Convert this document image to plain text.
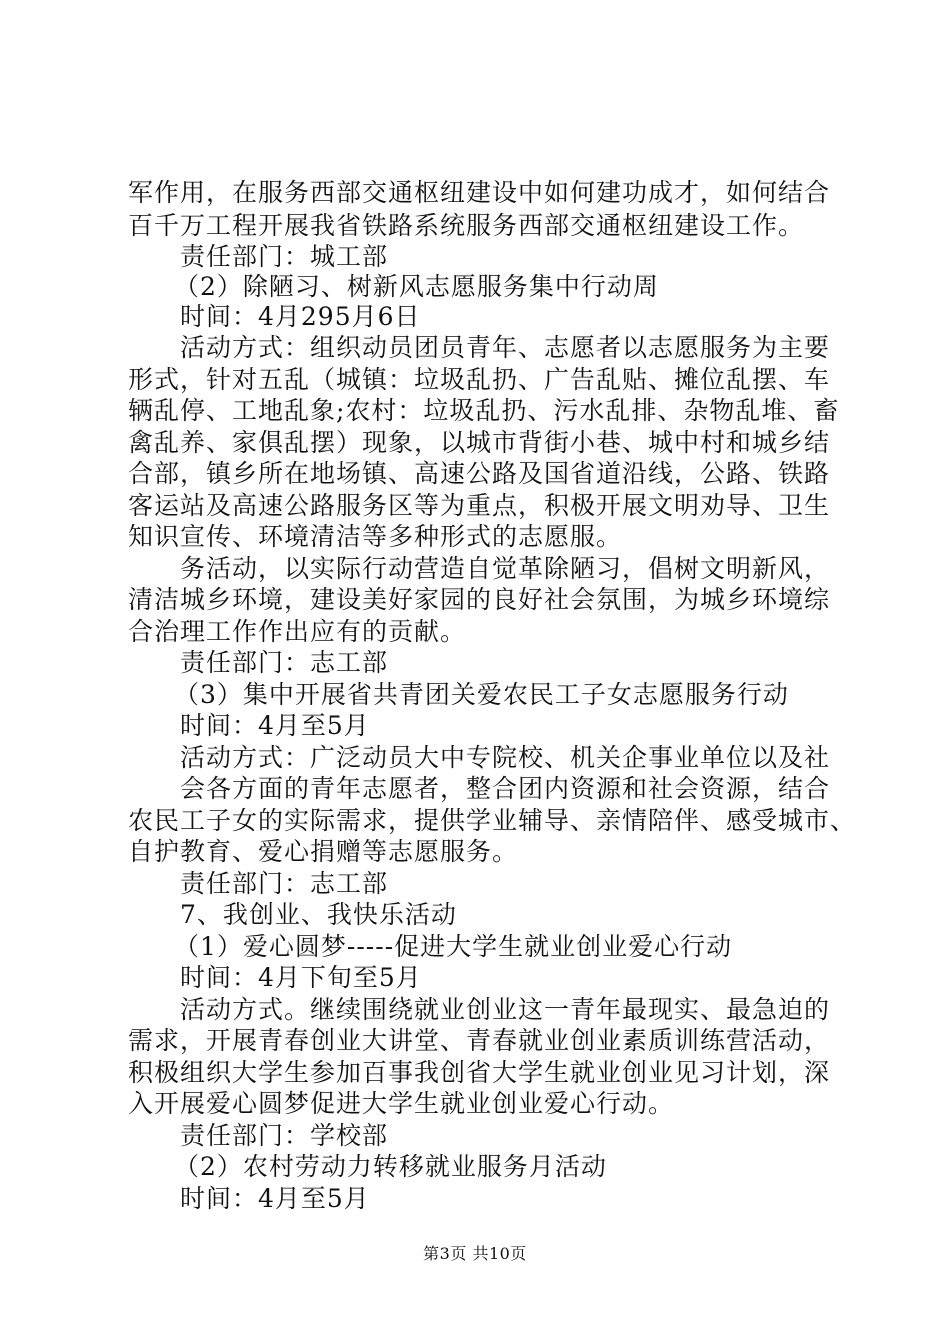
军作用，在服务西部交通枢纽建设中如何建功成才，如何结合
百千万工程开展我省铁路系统服务西部交通枢纽建设工作。
责任部门：城工部
（2）除陋习、树新风志愿服务集中行动周
时间：4月295月6日
活动方式：组织动员团员青年、志愿者以志愿服务为主要
形式，针对五乱（城镇：垃圾乱扔、广告乱贴、摊位乱摆、车
辆乱停、工地乱象;农村：垃圾乱扔、污水乱排、杂物乱堆、畜
禽乱养、家俱乱摆）现象，以城市背街小巷、城中村和城乡结
合部，镇乡所在地场镇、高速公路及国省道沿线，公路、铁路
客运站及高速公路服务区等为重点，积极开展文明劝导、卫生
知识宣传、环境清洁等多种形式的志愿服。
务活动，以实际行动营造自觉革除陋习，倡树文明新风，
清洁城乡环境，建设美好家园的良好社会氛围，为城乡环境综
合治理工作作出应有的贡献。
责任部门：志工部
（3）集中开展省共青团关爱农民工子女志愿服务行动
时间：4月至5月
活动方式：广泛动员大中专院校、机关企事业单位以及社
会各方面的青年志愿者，整合团内资源和社会资源，结合
农民工子女的实际需求，提供学业辅导、亲情陪伴、感受城市、
自护教育、爱心捐赠等志愿服务。
责任部门：志工部
7、我创业、我快乐活动
（1）爱心圆梦-----促进大学生就业创业爱心行动
时间：4月下旬至5月
活动方式。继续围绕就业创业这一青年最现实、最急迫的
需求，开展青春创业大讲堂、青春就业创业素质训练营活动，
积极组织大学生参加百事我创省大学生就业创业见习计划，深
入开展爱心圆梦促进大学生就业创业爱心行动。
责任部门：学校部
（2）农村劳动力转移就业服务月活动
时间：4月至5月
第3页 共10页
